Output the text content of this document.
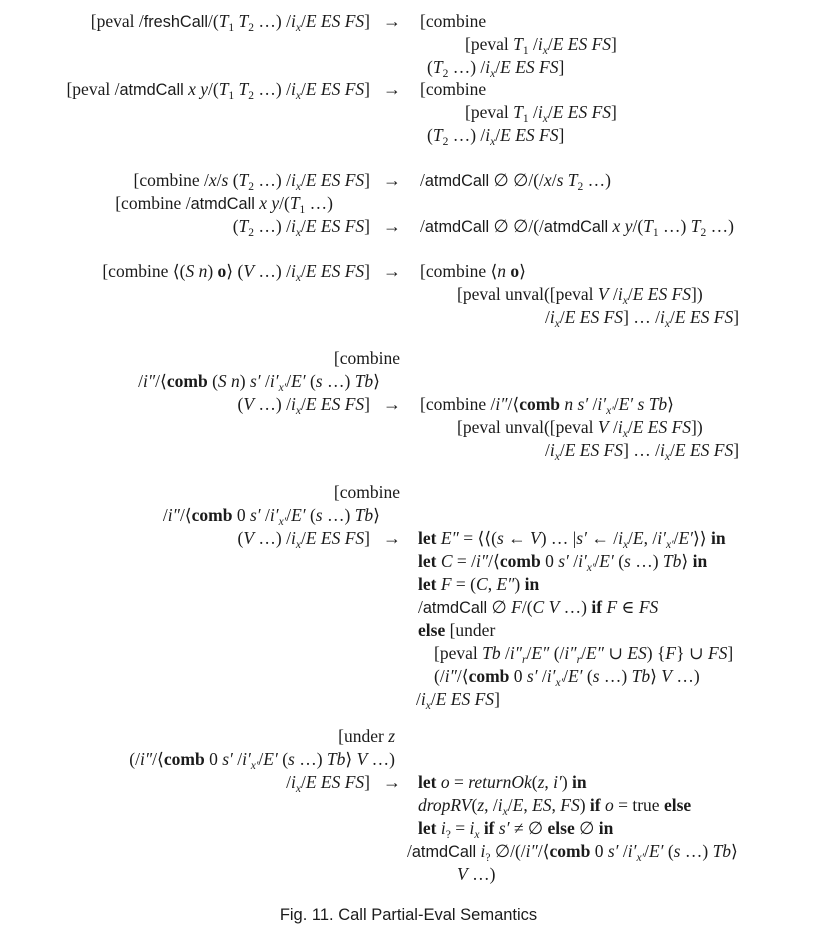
[peval $/freshCall/(T_1$ $T_2$ …) $/i_x/E$ ES FS] → [combine
[peval $T_1$ $/i_x/E$ ES FS]
($T_2$ …) $/i_x/E$ ES FS]
[peval /atmdCall x $y/(T_1$ $T_2$ …) $/i_x/E$ ES FS] → [combine
[peval $T_1$ $/i_x/E$ ES FS]
($T_2$ …) $/i_x/E$ ES FS]
[combine /x/s ($T_2$ …) $/i_x/E$ ES FS] → /atmdCall ∅ ∅/(/x/s $T_2$ …)
[combine /atmdCall x $y/(T_1$ …)
($T_2$ …) $/i_x/E$ ES FS] → /atmdCall ∅ ∅/(/atmdCall x $y/(T_1$ …) $T_2$ …)
[combine ⟨(S n) o⟩ (V …) $/i_x/E$ ES FS] → [combine ⟨n o⟩
[peval unval([peval V $/i_x/E$ ES FS])
$/i_x/E$ ES FS] … $/i_x/E$ ES FS]
[combine
/i″/⟨comb (S n) s′ $/i'_{x'}/E'$ (s …) Tb⟩
(V …) $/i_x/E$ ES FS] → [combine /i″/⟨comb n s′ $/i'_{x'}/E'$ s Tb⟩
[peval unval([peval V $/i_x/E$ ES FS])
$/i_x/E$ ES FS] … $/i_x/E$ ES FS]
[combine
/i″/⟨comb 0 s′ $/i'_{x'}/E'$ (s …) Tb⟩
(V …) $/i_x/E$ ES FS] → let E″ = ⟨⟨(s ← V) … |s′ ← $/i_x/E$, $/i'_{x'}/E'⟩⟩$ in
let C = /i″/⟨comb 0 s′ $/i'_{x'}/E'$ (s …) Tb⟩ in
let F = (C, E″) in
/atmdCall ∅ F/(C V …) if F ∈ FS
else [under
[peval Tb $/i''_r/E''$ ($/i''_r/E''$ ∪ ES) {F} ∪ FS]
(/i″/⟨comb 0 s′ $/i'_{x'}/E'$ (s …) Tb⟩ V …)
$/i_x/E$ ES FS]
[under z
(/i″/⟨comb 0 s′ $/i'_{x'}/E'$ (s …) Tb⟩ V …)
$/i_x/E$ ES FS] → let o = returnOk(z, i′) in
dropRV(z, $/i_x/E$, ES, FS) if o = true else
let $i_? = i_x$ if s′ ≠ ∅ else ∅ in
/atmdCall $i_?$ ∅/(/i″/⟨comb 0 s′ $/i'_{x'}/E'$ (s …) Tb⟩
V …)
Fig. 11. Call Partial-Eval Semantics
